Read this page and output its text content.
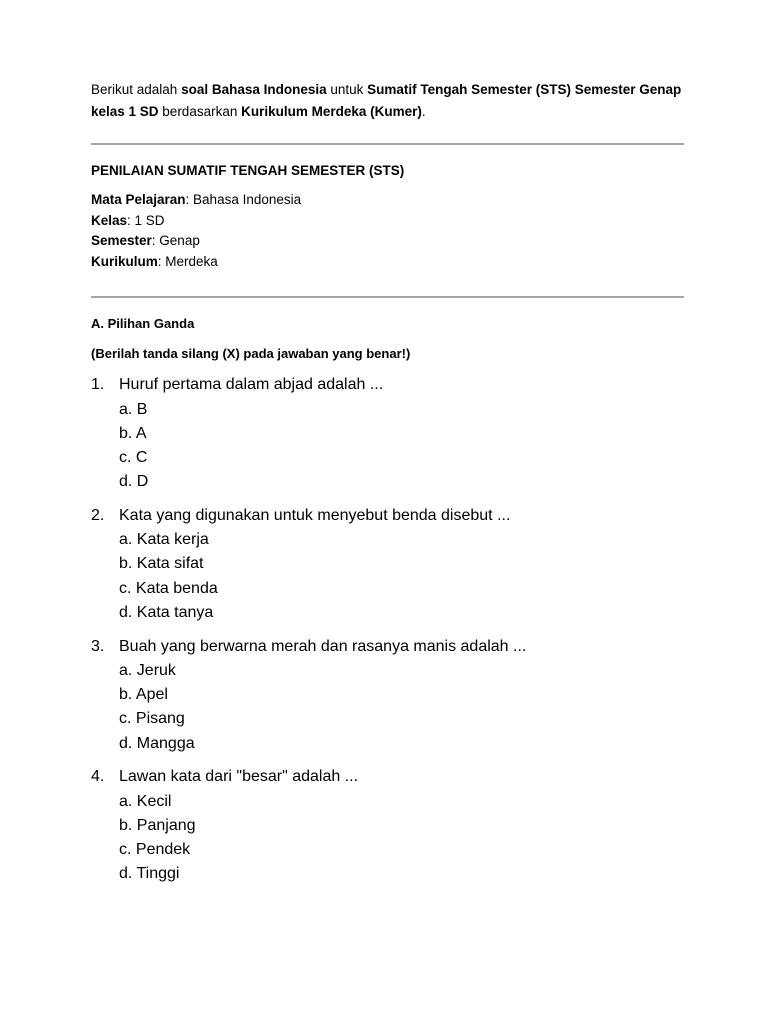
Berikut adalah soal Bahasa Indonesia untuk Sumatif Tengah Semester (STS) Semester Genap kelas 1 SD berdasarkan Kurikulum Merdeka (Kumer).

PENILAIAN SUMATIF TENGAH SEMESTER (STS)
Mata Pelajaran: Bahasa Indonesia
Kelas: 1 SD
Semester: Genap
Kurikulum: Merdeka
A. Pilihan Ganda
(Berilah tanda silang (X) pada jawaban yang benar!)
1. Huruf pertama dalam abjad adalah ...
a. B
b. A
c. C
d. D
2. Kata yang digunakan untuk menyebut benda disebut ...
a. Kata kerja
b. Kata sifat
c. Kata benda
d. Kata tanya
3. Buah yang berwarna merah dan rasanya manis adalah ...
a. Jeruk
b. Apel
c. Pisang
d. Mangga
4. Lawan kata dari "besar" adalah ...
a. Kecil
b. Panjang
c. Pendek
d. Tinggi
